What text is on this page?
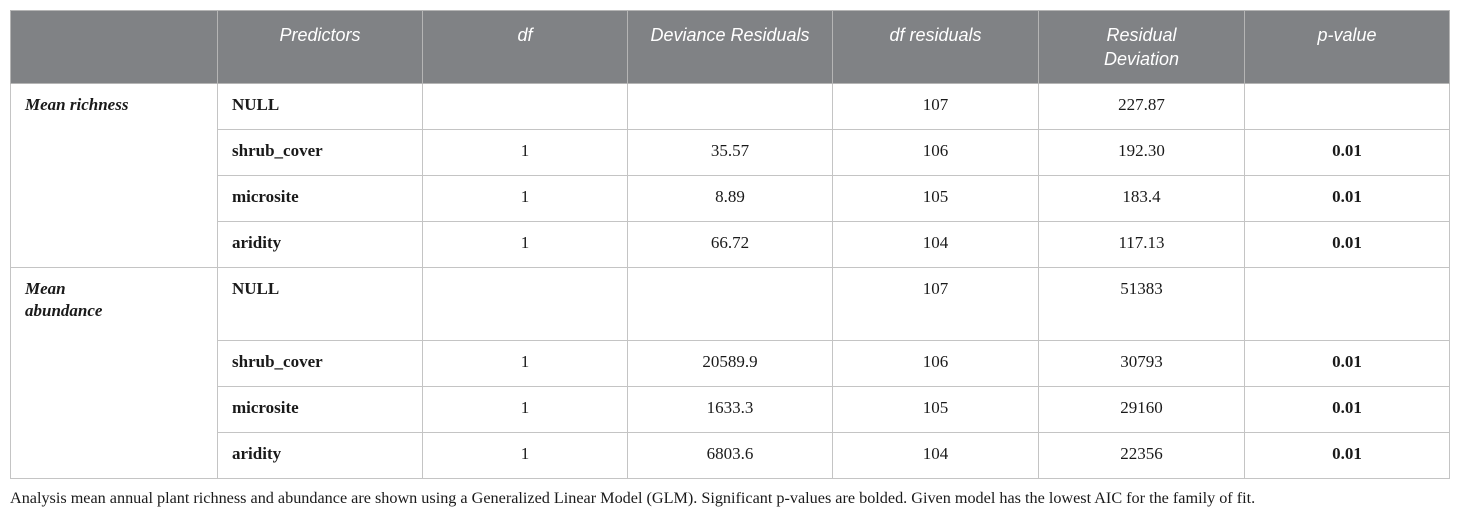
	Predictors	df	Deviance Residuals	df residuals	Residual Deviation	p-value
Mean richness	NULL			107	227.87	
	shrub_cover	1	35.57	106	192.30	0.01
	microsite	1	8.89	105	183.4	0.01
	aridity	1	66.72	104	117.13	0.01
Mean abundance	NULL			107	51383	
	shrub_cover	1	20589.9	106	30793	0.01
	microsite	1	1633.3	105	29160	0.01
	aridity	1	6803.6	104	22356	0.01
Analysis mean annual plant richness and abundance are shown using a Generalized Linear Model (GLM). Significant p-values are bolded. Given model has the lowest AIC for the family of fit.
